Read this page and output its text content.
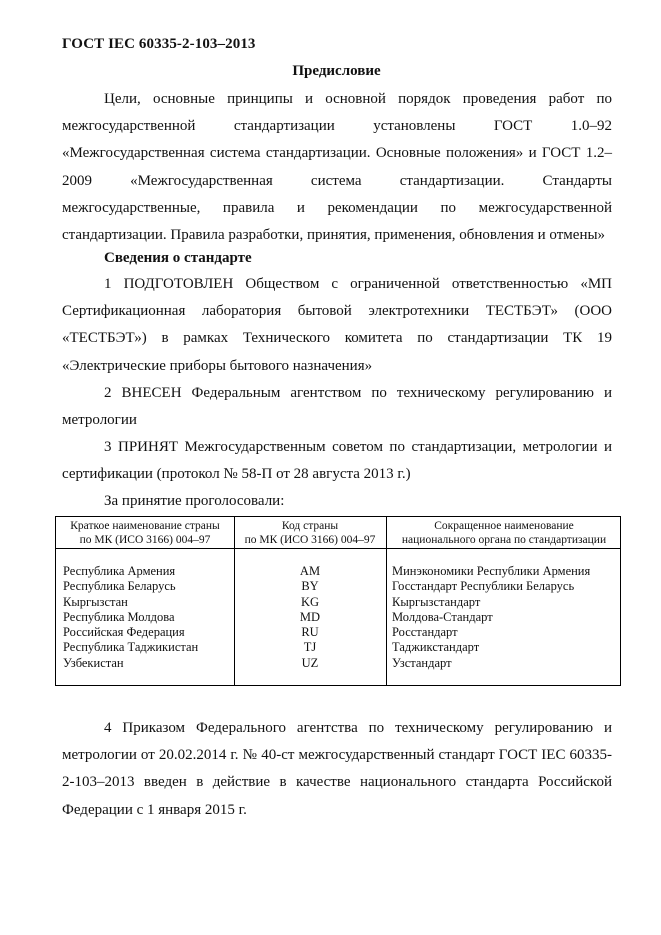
ГОСТ IEC 60335-2-103–2013
Предисловие
Цели, основные принципы и основной порядок проведения работ по межгосударственной стандартизации установлены ГОСТ 1.0–92 «Межгосударственная система стандартизации. Основные положения» и ГОСТ 1.2–2009 «Межгосударственная система стандартизации. Стандарты межгосударственные, правила и рекомендации по межгосударственной стандартизации. Правила разработки, принятия, применения, обновления и отмены»
Сведения о стандарте
1 ПОДГОТОВЛЕН Обществом с ограниченной ответственностью «МП Сертификационная лаборатория бытовой электротехники ТЕСТБЭТ» (ООО «ТЕСТБЭТ») в рамках Технического комитета по стандартизации ТК 19 «Электрические приборы бытового назначения»
2 ВНЕСЕН Федеральным агентством по техническому регулированию и метрологии
3 ПРИНЯТ Межгосударственным советом по стандартизации, метрологии и сертификации (протокол № 58-П от 28 августа 2013 г.)
За принятие проголосовали:
Краткое наименование страны
по МК (ИСО 3166) 004–97
Код страны
по МК (ИСО 3166) 004–97
Сокращенное наименование
национального органа по стандартизации
Республика Армения
Республика Беларусь
Кыргызстан
Республика Молдова
Российская Федерация
Республика Таджикистан
Узбекистан
AM
BY
KG
MD
RU
TJ
UZ
Минэкономики Республики Армения
Госстандарт Республики Беларусь
Кыргызстандарт
Молдова-Стандарт
Росстандарт
Таджикстандарт
Узстандарт
4 Приказом Федерального агентства по техническому регулированию и метрологии от 20.02.2014 г. № 40-ст межгосударственный стандарт ГОСТ IEC 60335-2-103–2013 введен в действие в качестве национального стандарта Российской Федерации с 1 января 2015 г.
